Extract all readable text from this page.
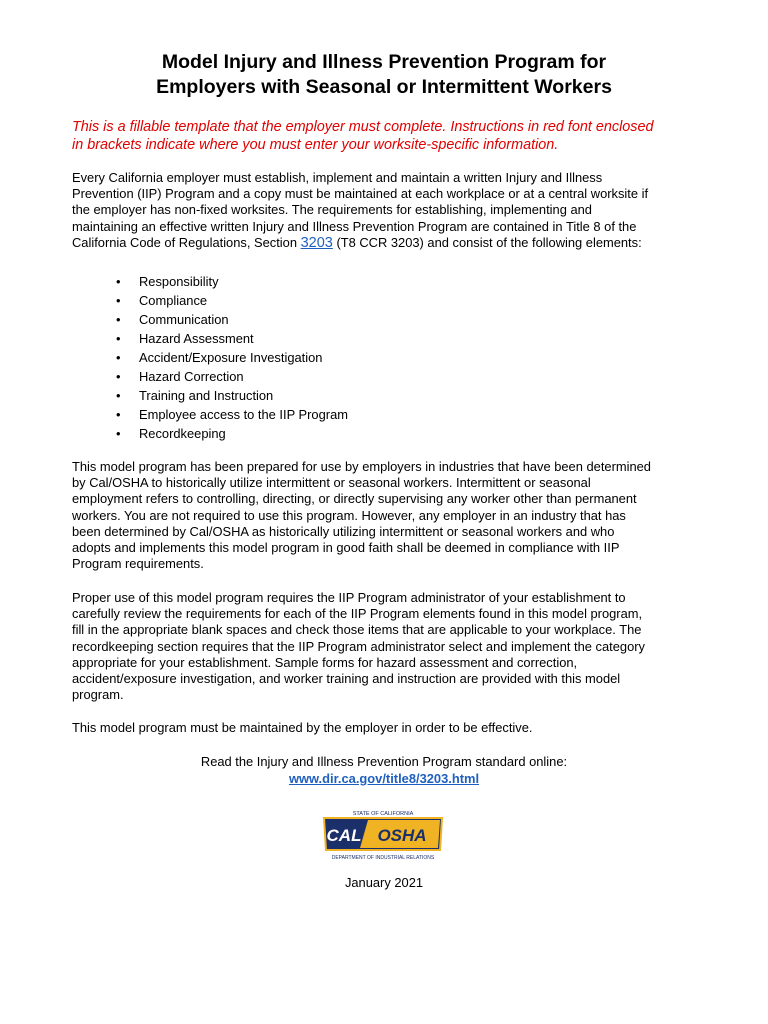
Model Injury and Illness Prevention Program for
Employers with Seasonal or Intermittent Workers

This is a fillable template that the employer must complete. Instructions in red font enclosed
in brackets indicate where you must enter your worksite-specific information.

Every California employer must establish, implement and maintain a written Injury and Illness
Prevention (IIP) Program and a copy must be maintained at each workplace or at a central worksite if
the employer has non-fixed worksites. The requirements for establishing, implementing and
maintaining an effective written Injury and Illness Prevention Program are contained in Title 8 of the
California Code of Regulations, Section 3203 (T8 CCR 3203) and consist of the following elements:

• Responsibility
• Compliance
• Communication
• Hazard Assessment
• Accident/Exposure Investigation
• Hazard Correction
• Training and Instruction
• Employee access to the IIP Program
• Recordkeeping

This model program has been prepared for use by employers in industries that have been determined
by Cal/OSHA to historically utilize intermittent or seasonal workers. Intermittent or seasonal
employment refers to controlling, directing, or directly supervising any worker other than permanent
workers. You are not required to use this program. However, any employer in an industry that has
been determined by Cal/OSHA as historically utilizing intermittent or seasonal workers and who
adopts and implements this model program in good faith shall be deemed in compliance with IIP
Program requirements.

Proper use of this model program requires the IIP Program administrator of your establishment to
carefully review the requirements for each of the IIP Program elements found in this model program,
fill in the appropriate blank spaces and check those items that are applicable to your workplace. The
recordkeeping section requires that the IIP Program administrator select and implement the category
appropriate for your establishment. Sample forms for hazard assessment and correction,
accident/exposure investigation, and worker training and instruction are provided with this model
program.

This model program must be maintained by the employer in order to be effective.

Read the Injury and Illness Prevention Program standard online:

www.dir.ca.gov/title8/3203.html

STATE OF CALIFORNIA
CAL OSHA
DEPARTMENT OF INDUSTRIAL RELATIONS

January 2021
